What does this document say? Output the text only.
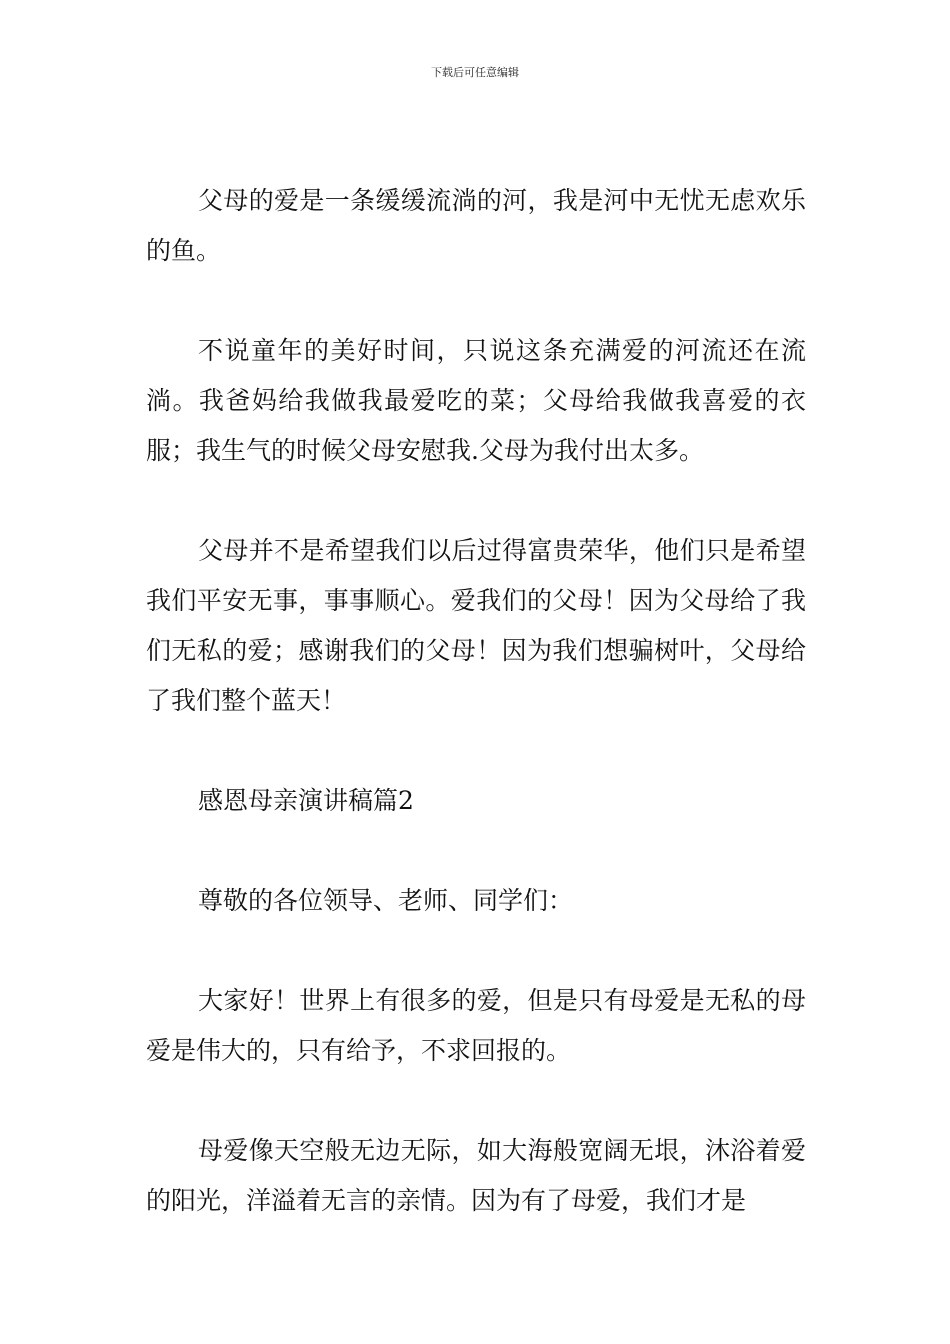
下载后可任意编辑

父母的爱是一条缓缓流淌的河，我是河中无忧无虑欢乐的鱼。

不说童年的美好时间，只说这条充满爱的河流还在流淌。我爸妈给我做我最爱吃的菜；父母给我做我喜爱的衣服；我生气的时候父母安慰我.父母为我付出太多。

父母并不是希望我们以后过得富贵荣华，他们只是希望我们平安无事，事事顺心。爱我们的父母！因为父母给了我们无私的爱；感谢我们的父母！因为我们想骗树叶，父母给了我们整个蓝天！

感恩母亲演讲稿篇2

尊敬的各位领导、老师、同学们：

大家好！世界上有很多的爱，但是只有母爱是无私的母爱是伟大的，只有给予，不求回报的。

母爱像天空般无边无际，如大海般宽阔无垠，沐浴着爱的阳光，洋溢着无言的亲情。因为有了母爱，我们才是
